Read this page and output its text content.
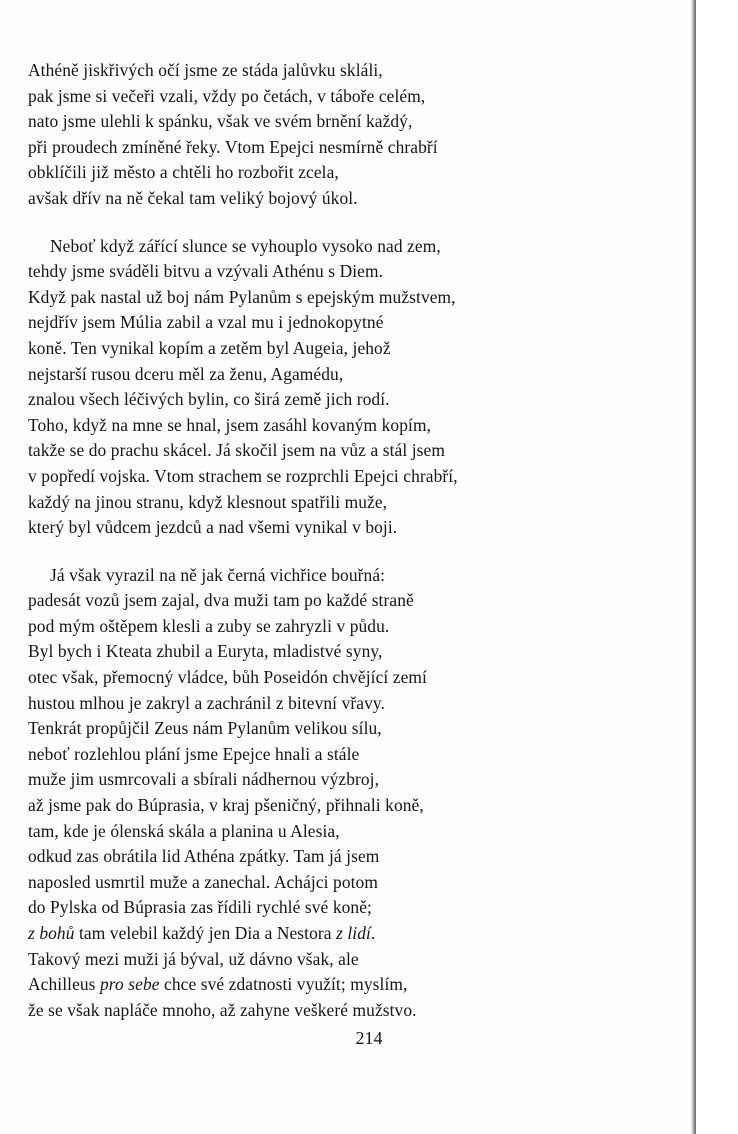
Athéně jiskřivých očí jsme ze stáda jalůvku skláli,
pak jsme si večeři vzali, vždy po četách, v táboře celém,
nato jsme ulehli k spánku, však ve svém brnění každý,
při proudech zmíněné řeky. Vtom Epejci nesmírně chrabří
obklíčili již město a chtěli ho rozbořit zcela,
avšak dřív na ně čekal tam veliký bojový úkol.
Neboť když zářící slunce se vyhouplo vysoko nad zem,
tehdy jsme sváděli bitvu a vzývali Athénu s Diem.
Když pak nastal už boj nám Pylanům s epejským mužstvem,
nejdřív jsem Múlia zabil a vzal mu i jednokopytné
koně. Ten vynikal kopím a zetěm byl Augeia, jehož
nejstarší rusou dceru měl za ženu, Agamédu,
znalou všech léčivých bylin, co širá země jich rodí.
Toho, když na mne se hnal, jsem zasáhl kovaným kopím,
takže se do prachu skácel. Já skočil jsem na vůz a stál jsem
v popředí vojska. Vtom strachem se rozprchli Epejci chrabří,
každý na jinou stranu, když klesnout spatřili muže,
který byl vůdcem jezdců a nad všemi vynikal v boji.
Já však vyrazil na ně jak černá vichřice bouřná:
padesát vozů jsem zajal, dva muži tam po každé straně
pod mým oštěpem klesli a zuby se zahryzli v půdu.
Byl bych i Kteata zhubil a Euryta, mladistvé syny,
otec však, přemocný vládce, bůh Poseidón chvějící zemí
hustou mlhou je zakryl a zachránil z bitevní vřavy.
Tenkrát propůjčil Zeus nám Pylanům velikou sílu,
neboť rozlehlou plání jsme Epejce hnali a stále
muže jim usmrcovali a sbírali nádhernou výzbroj,
až jsme pak do Búprasia, v kraj pšeničný, přihnali koně,
tam, kde je ólenská skála a planina u Alesia,
odkud zas obrátila lid Athéna zpátky. Tam já jsem
naposled usmrtil muže a zanechal. Achájci potom
do Pylska od Búprasia zas řídili rychlé své koně;
z bohů tam velebil každý jen Dia a Nestora z lidí.
Takový mezi muži já býval, už dávno však, ale
Achilleus pro sebe chce své zdatnosti využít; myslím,
že se však napláče mnoho, až zahyne veškeré mužstvo.
214
